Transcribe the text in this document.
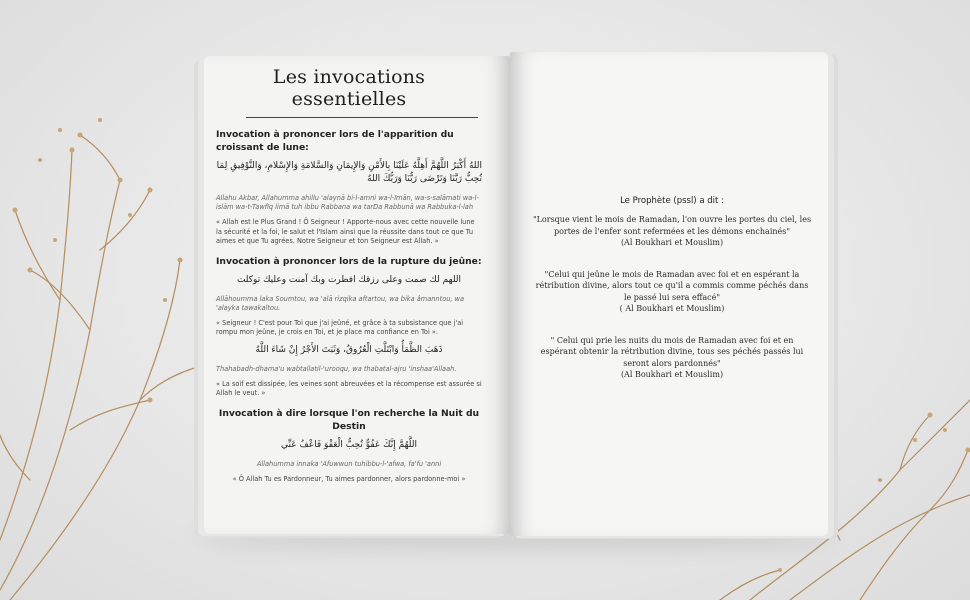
Les invocations essentielles
Invocation à prononcer lors de l'apparition du croissant de lune:
اللهُ أَكْبَرُ اللَّهُمَّ أَهِلَّهُ عَلَيْنَا بِالأَمْنِ وَالإِيمَانِ وَالسَّلامَةِ وَالإِسْلامِ، وَالتَّوْفِيقِ لِمَا تُحِبُّ رَبَّنَا وَتَرْضَى رَبُّنَا وَرَبُّكَ اللهُ
Allahu Akbar, Allahumma ahillu 'alaynā bi-l-amni wa-l-īmān, wa-s-salāmati wa-l-islām wa-t-Tawfīq limā tuh ibbu Rabbana wa tarDa Rabbunā wa Rabbuka-l-lah
« Allah est le Plus Grand ! Ô Seigneur ! Apporte-nous avec cette nouvelle lune la sécurité et la foi, le salut et l'Islam ainsi que la réussite dans tout ce que Tu aimes et que Tu agrées. Notre Seigneur et ton Seigneur est Allah. »
Invocation à prononcer lors de la rupture du jeûne:
اللهم لك صمت وعلى رزقك افطرت وبك آمنت وعليك توكلت
Allāhoumma laka Soumtou, wa 'alā rizqika aftartou, wa bika âmanntou, wa 'alayka tawakaltou.
« Seigneur ! C'est pour Toi que j'ai jeûné, et grâce à ta subsistance que j'ai rompu mon jeûne, je crois en Toi, et je place ma confiance en Toi ».
ذَهَبَ الظَّمَأُ وَابْتَلَّتِ الْعُرُوقُ، وَثَبَتَ الأَجْرُ إِنْ شَاءَ اللَّهُ
Thahabadh-dhama'u wabtallatil-'urooqu, wa thabatal-ajru 'inshaa'Allaah.
« La soif est dissipée, les veines sont abreuvées et la récompense est assurée si Allah le veut. »
Invocation à dire lorsque l'on recherche la Nuit du Destin
اللَّهُمَّ إِنَّكَ عَفُوٌّ تُحِبُّ الْعَفْوَ فَاعْفُ عَنِّي
Allahumma innaka 'Afuwwun tuhibbu-l-'afwa, fa'fu 'anni
« Ô Allah Tu es Pardonneur, Tu aimes pardonner, alors pardonne-moi »
Le Prophète (pssl) a dit :
"Lorsque vient le mois de Ramadan, l'on ouvre les portes du ciel, les portes de l'enfer sont refermées et les démons enchainés"
(Al Boukhari et Mouslim)
"Celui qui jeûne le mois de Ramadan avec foi et en espérant la rétribution divine, alors tout ce qu'il a commis comme péchés dans le passé lui sera effacé"
( Al Boukhari et Mouslim)
" Celui qui prie les nuits du mois de Ramadan avec foi et en espérant obtenir la rétribution divine, tous ses péchés passés lui seront alors pardonnés"
(Al Boukhari et Mouslim)
